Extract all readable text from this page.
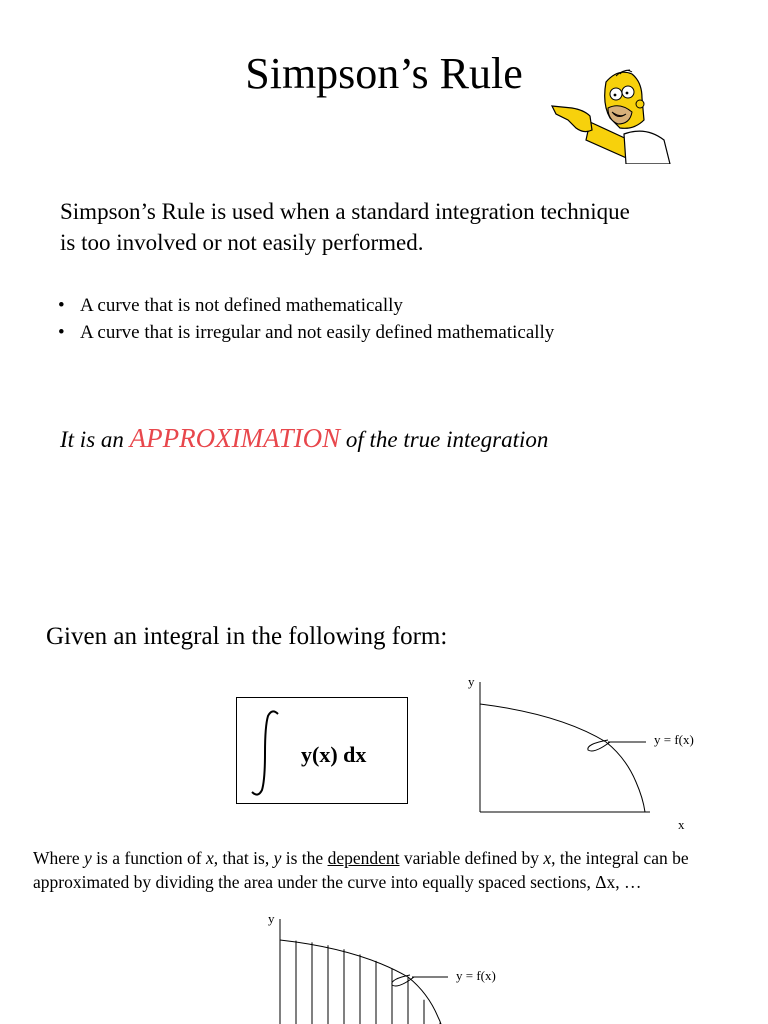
Simpson’s Rule
Simpson’s Rule is used when a standard integration technique
is too involved or not easily performed.
• A curve that is not defined mathematically
• A curve that is irregular and not easily defined mathematically
It is an APPROXIMATION of the true integration
Given an integral in the following form:
y(x) dx
y
y = f(x)
x
Where y is a function of x, that is, y is the dependent variable defined by x, the integral can be approximated by dividing the area under the curve into equally spaced sections, Δx, …
y
y = f(x)
